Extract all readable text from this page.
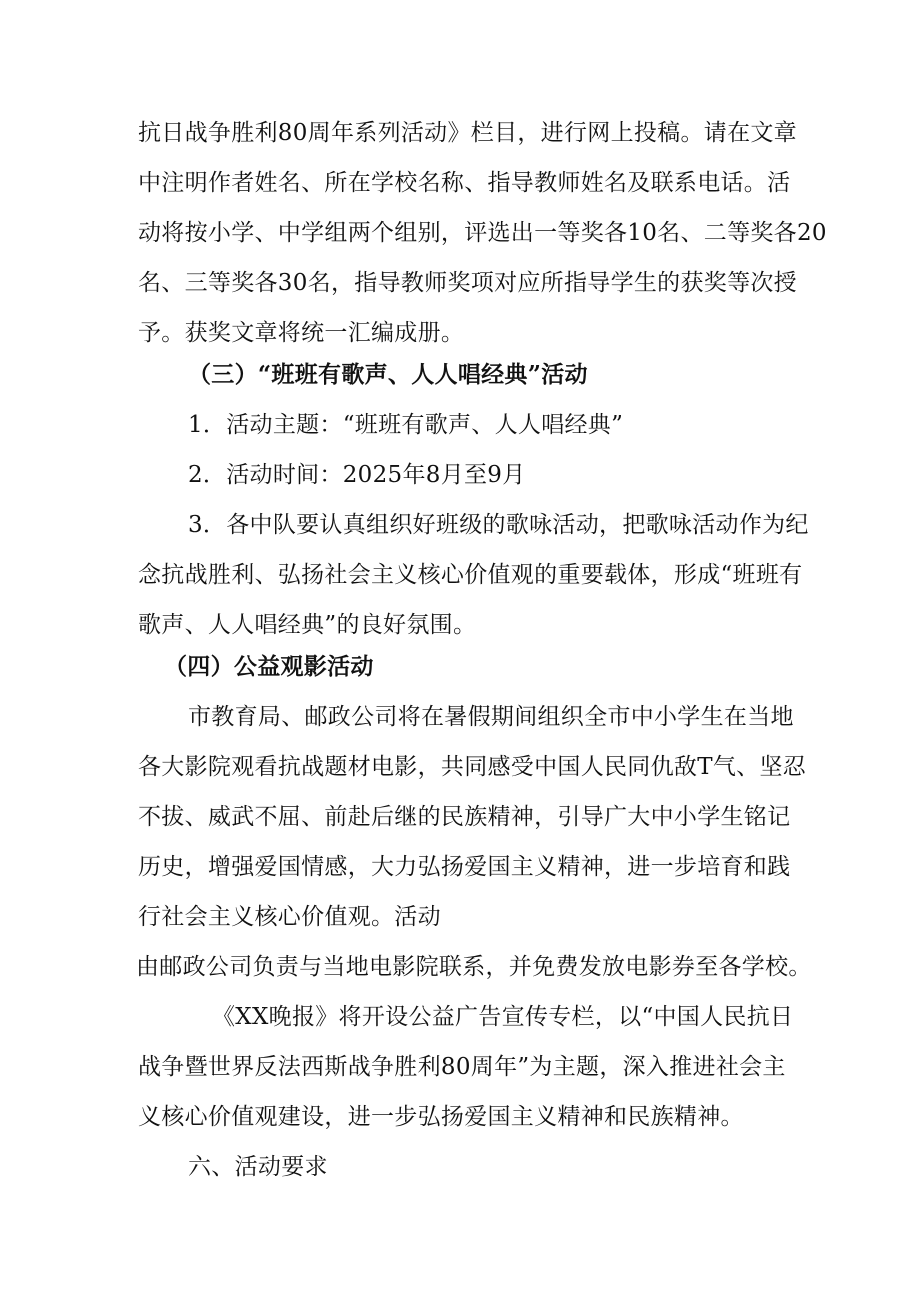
抗日战争胜利80周年系列活动》栏目，进行网上投稿。请在文章
中注明作者姓名、所在学校名称、指导教师姓名及联系电话。活
动将按小学、中学组两个组别，评选出一等奖各10名、二等奖各20
名、三等奖各30名，指导教师奖项对应所指导学生的获奖等次授
予。获奖文章将统一汇编成册。
（三）“班班有歌声、人人唱经典”活动
1．活动主题：“班班有歌声、人人唱经典”
2．活动时间：2025年8月至9月
3．各中队要认真组织好班级的歌咏活动，把歌咏活动作为纪
念抗战胜利、弘扬社会主义核心价值观的重要载体，形成“班班有
歌声、人人唱经典”的良好氛围。
（四）公益观影活动
市教育局、邮政公司将在暑假期间组织全市中小学生在当地
各大影院观看抗战题材电影，共同感受中国人民同仇敌T气、坚忍
不拔、威武不屈、前赴后继的民族精神，引导广大中小学生铭记
历史，增强爱国情感，大力弘扬爱国主义精神，进一步培育和践
行社会主义核心价值观。活动
由邮政公司负责与当地电影院联系，并免费发放电影券至各学校。
《XX晚报》将开设公益广告宣传专栏，以“中国人民抗日
战争暨世界反法西斯战争胜利80周年”为主题，深入推进社会主
义核心价值观建设，进一步弘扬爱国主义精神和民族精神。
六、活动要求
